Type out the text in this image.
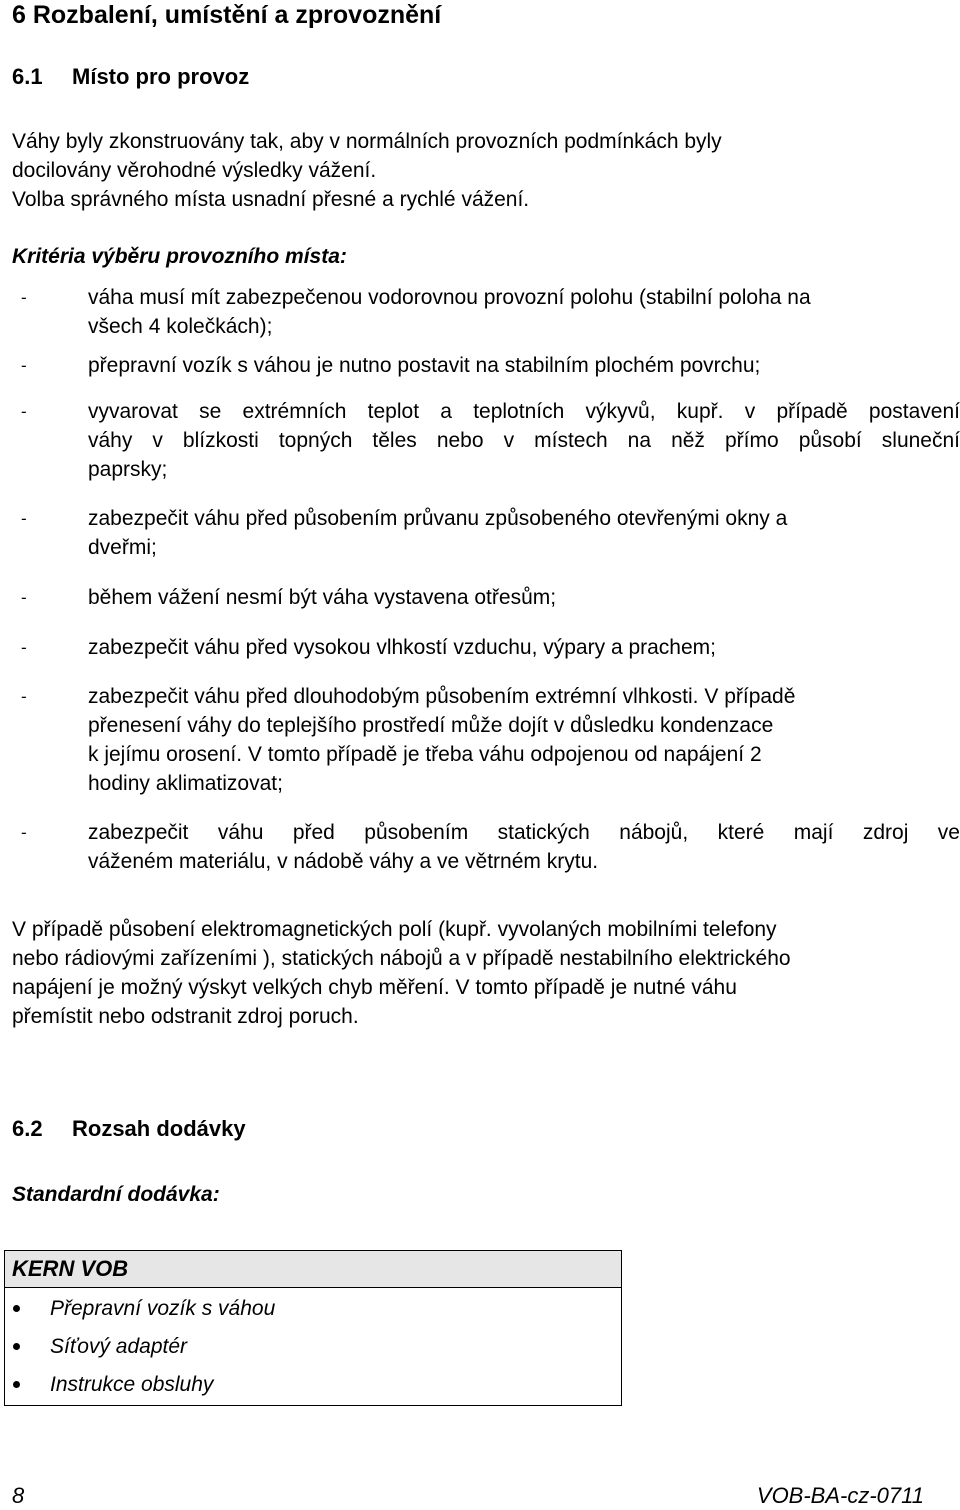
6 Rozbalení, umístění a zprovoznění
6.1 Místo pro provoz
Váhy byly zkonstruovány tak, aby v normálních provozních podmínkách byly
docilovány věrohodné výsledky vážení.
Volba správného místa usnadní přesné a rychlé vážení.
Kritéria výběru provozního místa:
-	váha musí mít zabezpečenou vodorovnou provozní polohu (stabilní poloha na
všech 4 kolečkách);
-	přepravní vozík s váhou je nutno postavit na stabilním plochém povrchu;
-	vyvarovat se extrémních teplot a teplotních výkyvů, kupř. v případě postavení
váhy v blízkosti topných těles nebo v místech na něž přímo působí sluneční
paprsky;
-	zabezpečit váhu před působením průvanu způsobeného otevřenými okny a
dveřmi;
-	během vážení nesmí být váha vystavena otřesům;
-	zabezpečit váhu před vysokou vlhkostí vzduchu, výpary a prachem;
-	zabezpečit váhu před dlouhodobým působením extrémní vlhkosti. V případě
přenesení váhy do teplejšího prostředí může dojít v důsledku kondenzace
k jejímu orosení. V tomto případě je třeba váhu odpojenou od napájení 2
hodiny aklimatizovat;
-	zabezpečit váhu před působením statických nábojů, které mají zdroj ve
váženém materiálu, v nádobě váhy a ve větrném krytu.
V případě působení elektromagnetických polí (kupř. vyvolaných mobilními telefony
nebo rádiovými zařízeními ), statických nábojů a v případě nestabilního elektrického
napájení je možný výskyt velkých chyb měření. V tomto případě je nutné váhu
přemístit nebo odstranit zdroj poruch.
6.2 Rozsah dodávky
Standardní dodávka:
KERN VOB
Přepravní vozík s váhou
Síťový adaptér
Instrukce obsluhy
8	VOB-BA-cz-0711
